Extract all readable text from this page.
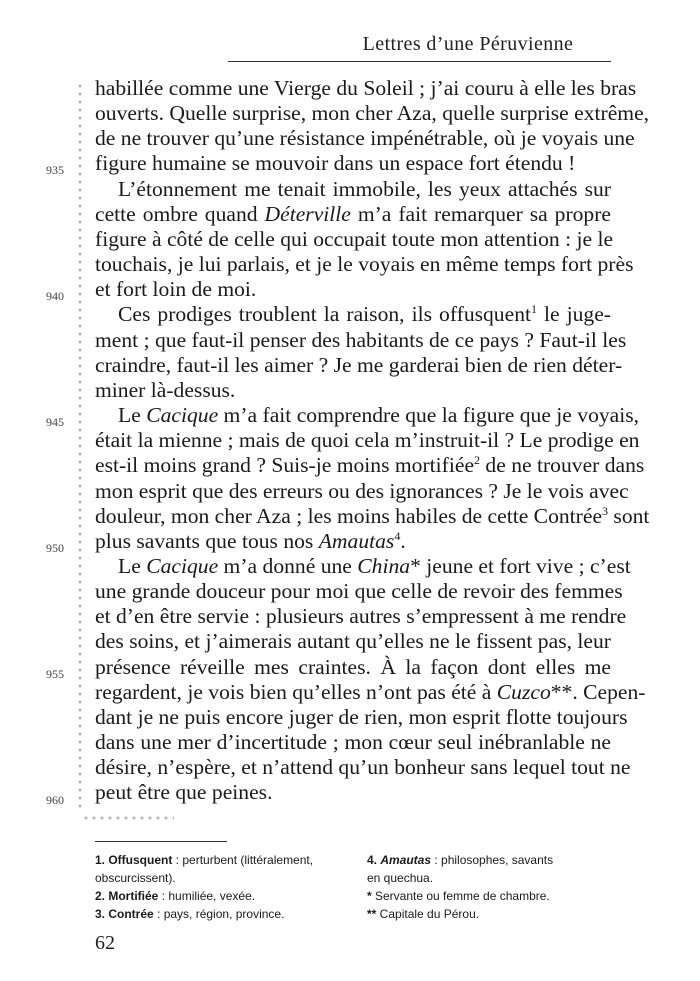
Lettres d’une Péruvienne
935
940
945
950
955
960
habillée comme une Vierge du Soleil ; j’ai couru à elle les bras
ouverts. Quelle surprise, mon cher Aza, quelle surprise extrême,
de ne trouver qu’une résistance impénétrable, où je voyais une
figure humaine se mouvoir dans un espace fort étendu !
L’étonnement me tenait immobile, les yeux attachés sur
cette ombre quand Déterville m’a fait remarquer sa propre
figure à côté de celle qui occupait toute mon attention : je le
touchais, je lui parlais, et je le voyais en même temps fort près
et fort loin de moi.
Ces prodiges troublent la raison, ils offusquent$^1$ le juge-
ment ; que faut-il penser des habitants de ce pays ? Faut-il les
craindre, faut-il les aimer ? Je me garderai bien de rien déter-
miner là-dessus.
Le Cacique m’a fait comprendre que la figure que je voyais,
était la mienne ; mais de quoi cela m’instruit-il ? Le prodige en
est-il moins grand ? Suis-je moins mortifiée$^2$ de ne trouver dans
mon esprit que des erreurs ou des ignorances ? Je le vois avec
douleur, mon cher Aza ; les moins habiles de cette Contrée$^3$ sont
plus savants que tous nos Amautas$^4$.
Le Cacique m’a donné une China* jeune et fort vive ; c’est
une grande douceur pour moi que celle de revoir des femmes
et d’en être servie : plusieurs autres s’empressent à me rendre
des soins, et j’aimerais autant qu’elles ne le fissent pas, leur
présence réveille mes craintes. À la façon dont elles me
regardent, je vois bien qu’elles n’ont pas été à Cuzco**. Cepen-
dant je ne puis encore juger de rien, mon esprit flotte toujours
dans une mer d’incertitude ; mon cœur seul inébranlable ne
désire, n’espère, et n’attend qu’un bonheur sans lequel tout ne
peut être que peines.
1. Offusquent : perturbent (littéralement,
obscurcissent).
2. Mortifiée : humiliée, vexée.
3. Contrée : pays, région, province.
4. Amautas : philosophes, savants
en quechua.
* Servante ou femme de chambre.
** Capitale du Pérou.
62
